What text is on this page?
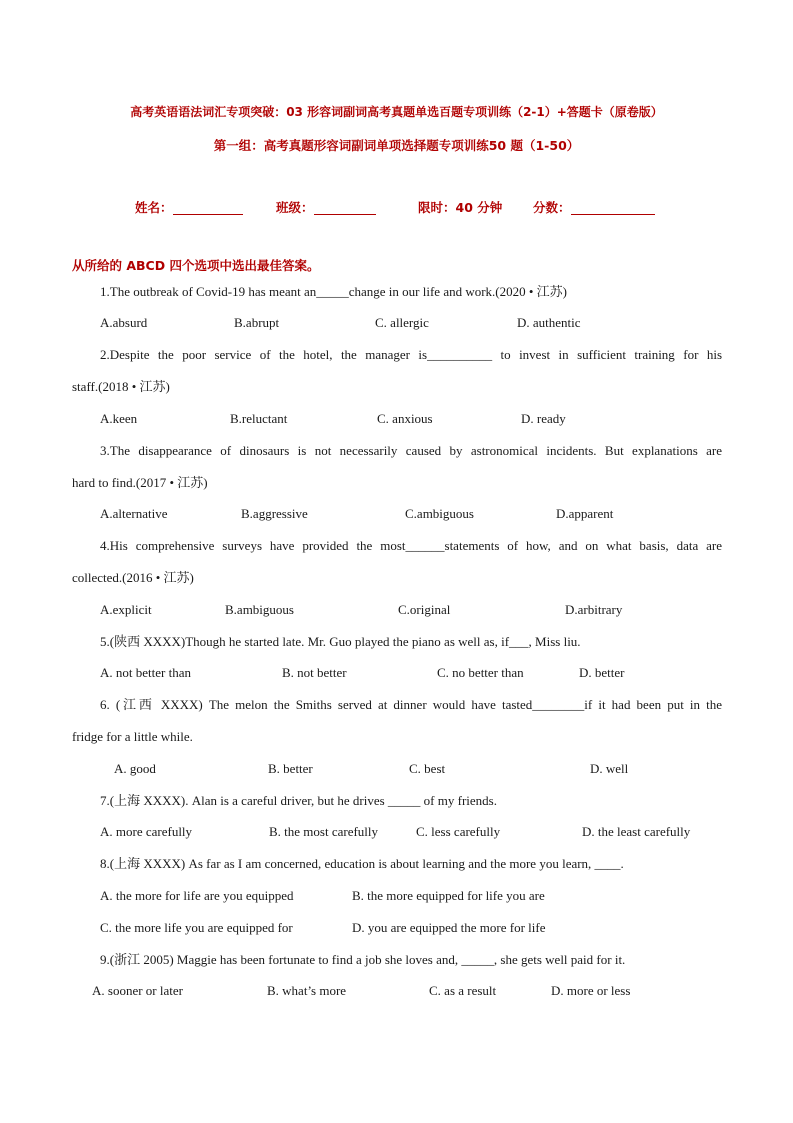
高考英语语法词汇专项突破：03 形容词副词高考真题单选百题专项训练（2-1）+答题卡（原卷版）
第一组：高考真题形容词副词单项选择题专项训练50 题（1-50）
姓名：	班级：	限时：40 分钟 分数：
从所给的 ABCD 四个选项中选出最佳答案。
1.The outbreak of Covid-19 has meant an_____change in our life and work.(2020 • 江苏)
A.absurd	B.abrupt	C. allergic	D. authentic
2.Despite the poor service of the hotel, the manager is__________ to invest in sufficient training for his
staff.(2018 • 江苏)
A.keen	B.reluctant	C. anxious	D. ready
3.The disappearance of dinosaurs is not necessarily caused by astronomical incidents. But explanations are
hard to find.(2017 • 江苏)
A.alternative	B.aggressive	C.ambiguous	D.apparent
4.His comprehensive surveys have provided the most______statements of how, and on what basis, data are
collected.(2016 • 江苏)
A.explicit	B.ambiguous	C.original	D.arbitrary
5.(陕西 XXXX)Though he started late. Mr. Guo played the piano as well as, if___, Miss liu.
A. not better than	B. not better	C. no better than	D. better
6. (江西 XXXX) The melon the Smiths served at dinner would have tasted________if it had been put in the
fridge for a little while.
A. good	B. better	C. best	D. well
7.(上海 XXXX). Alan is a careful driver, but he drives _____ of my friends.
A. more carefully	B. the most carefully	C. less carefully	D. the least carefully
8.(上海 XXXX) As far as I am concerned, education is about learning and the more you learn, ____.
A. the more for life are you equipped	B. the more equipped for life you are
C. the more life you are equipped for	D. you are equipped the more for life
9.(浙江 2005) Maggie has been fortunate to find a job she loves and, _____, she gets well paid for it.
A. sooner or later	B. what’s more	C. as a result	D. more or less
